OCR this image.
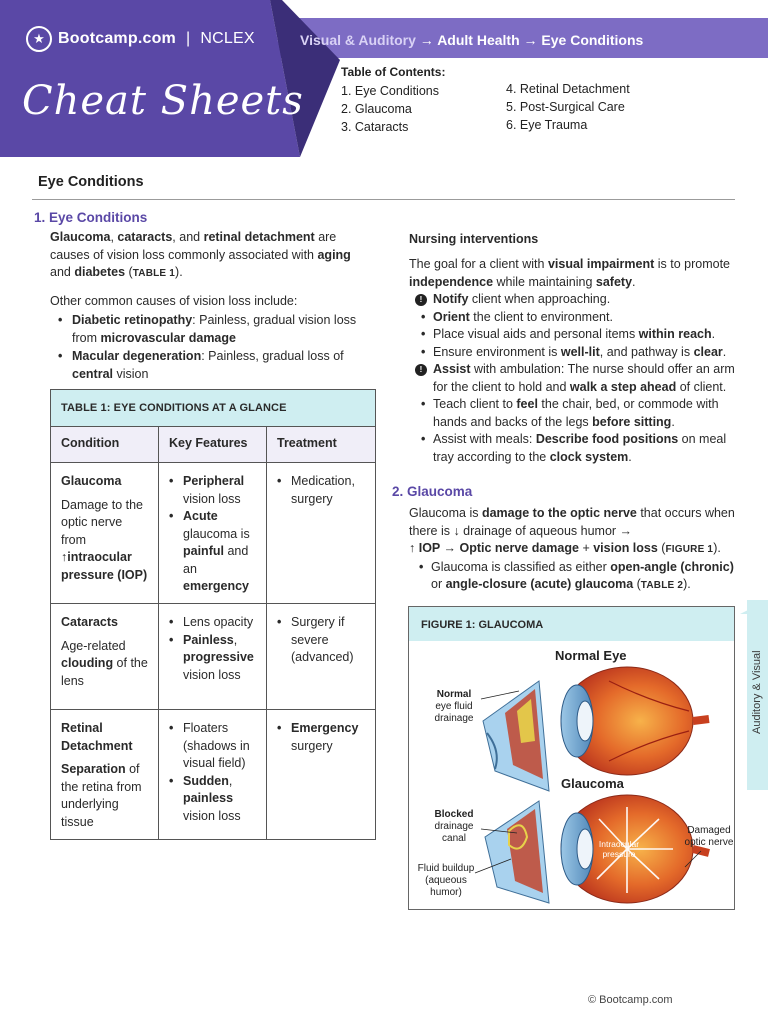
★ Bootcamp.com | NCLEX
Cheat Sheets
Visual & Auditory → Adult Health → Eye Conditions
Table of Contents:
1. Eye Conditions
2. Glaucoma
3. Cataracts
4. Retinal Detachment
5. Post-Surgical Care
6. Eye Trauma
Eye Conditions
1. Eye Conditions

Glaucoma, cataracts, and retinal detachment are causes of vision loss commonly associated with aging and diabetes (TABLE 1).

Other common causes of vision loss include:

• Diabetic retinopathy: Painless, gradual vision loss from microvascular damage
• Macular degeneration: Painless, gradual loss of central vision
TABLE 1: EYE CONDITIONS AT A GLANCE
Condition	Key Features	Treatment
Glaucoma
Damage to the optic nerve from ↑intraocular pressure (IOP)
• Peripheral vision loss
• Acute glaucoma is painful and an emergency
• Medication, surgery
Cataracts
Age-related clouding of the lens
• Lens opacity
• Painless, progressive vision loss
• Surgery if severe (advanced)
Retinal Detachment
Separation of the retina from underlying tissue
• Floaters (shadows in visual field)
• Sudden, painless vision loss
• Emergency surgery
Nursing interventions

The goal for a client with visual impairment is to promote independence while maintaining safety.

! Notify client when approaching.
• Orient the client to environment.
• Place visual aids and personal items within reach.
• Ensure environment is well-lit, and pathway is clear.
! Assist with ambulation: The nurse should offer an arm for the client to hold and walk a step ahead of client.
• Teach client to feel the chair, bed, or commode with hands and backs of the legs before sitting.
• Assist with meals: Describe food positions on meal tray according to the clock system.
2. Glaucoma

Glaucoma is damage to the optic nerve that occurs when there is ↓ drainage of aqueous humor →
↑ IOP → Optic nerve damage + vision loss (FIGURE 1).

• Glaucoma is classified as either open-angle (chronic) or angle-closure (acute) glaucoma (TABLE 2).
FIGURE 1: GLAUCOMA
Normal Eye
Normal
eye fluid drainage
Glaucoma
Blocked
drainage canal
Fluid buildup (aqueous humor)
Intraocular pressure
Damaged optic nerve
Auditory & Visual
© Bootcamp.com
